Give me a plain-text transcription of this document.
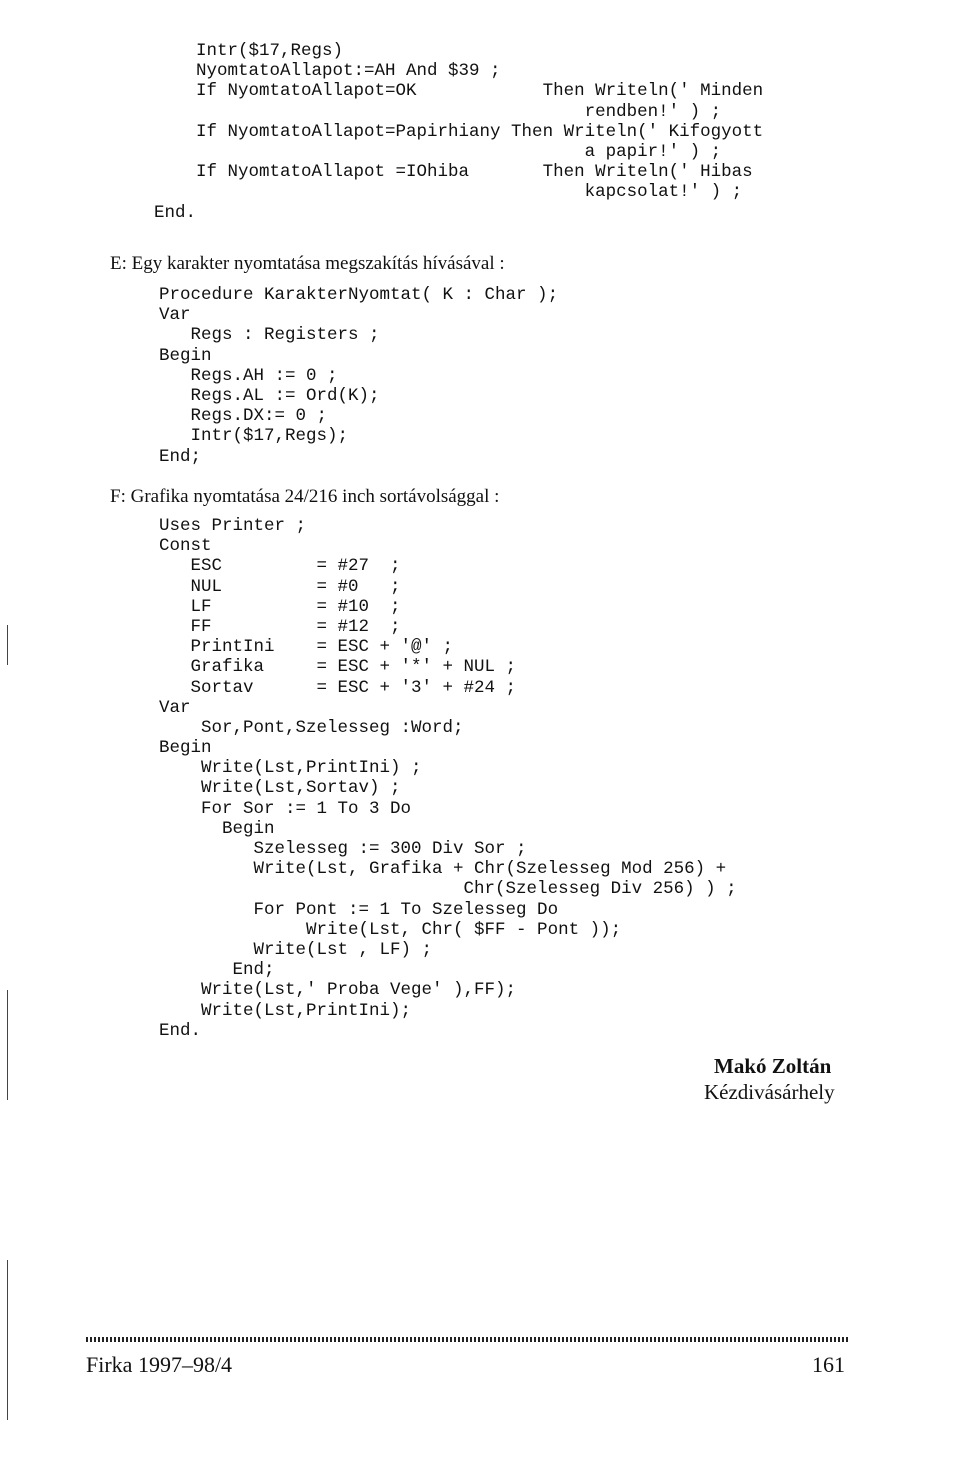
Intr($17,Regs)
NyomtatoAllapot:=AH And $39 ;
If NyomtatoAllapot=OK            Then Writeln(' Minden
rendben!' ) ;
If NyomtatoAllapot=Papirhiany Then Writeln(' Kifogyott
a papir!' ) ;
If NyomtatoAllapot =IOhiba       Then Writeln(' Hibas
kapcsolat!' ) ;
End.
E: Egy karakter nyomtatása megszakítás hívásával :
Procedure KarakterNyomtat( K : Char );
Var
Regs : Registers ;
Begin
Regs.AH := 0 ;
Regs.AL := Ord(K);
Regs.DX:= 0 ;
Intr($17,Regs);
End;
F: Grafika nyomtatása 24/216 inch sortávolsággal :
Uses Printer ;
Const
ESC         = #27  ;
NUL         = #0   ;
LF          = #10  ;
FF          = #12  ;
PrintIni    = ESC + '@' ;
Grafika     = ESC + '*' + NUL ;
Sortav      = ESC + '3' + #24 ;
Var
Sor,Pont,Szelesseg :Word;
Begin
Write(Lst,PrintIni) ;
Write(Lst,Sortav) ;
For Sor := 1 To 3 Do
Begin
Szelesseg := 300 Div Sor ;
Write(Lst, Grafika + Chr(Szelesseg Mod 256) +
Chr(Szelesseg Div 256) ) ;
For Pont := 1 To Szelesseg Do
Write(Lst, Chr( $FF - Pont ));
Write(Lst , LF) ;
End;
Write(Lst,' Proba Vege' ),FF);
Write(Lst,PrintIni);
End.
Makó Zoltán
Kézdivásárhely
Firka 1997–98/4	161
